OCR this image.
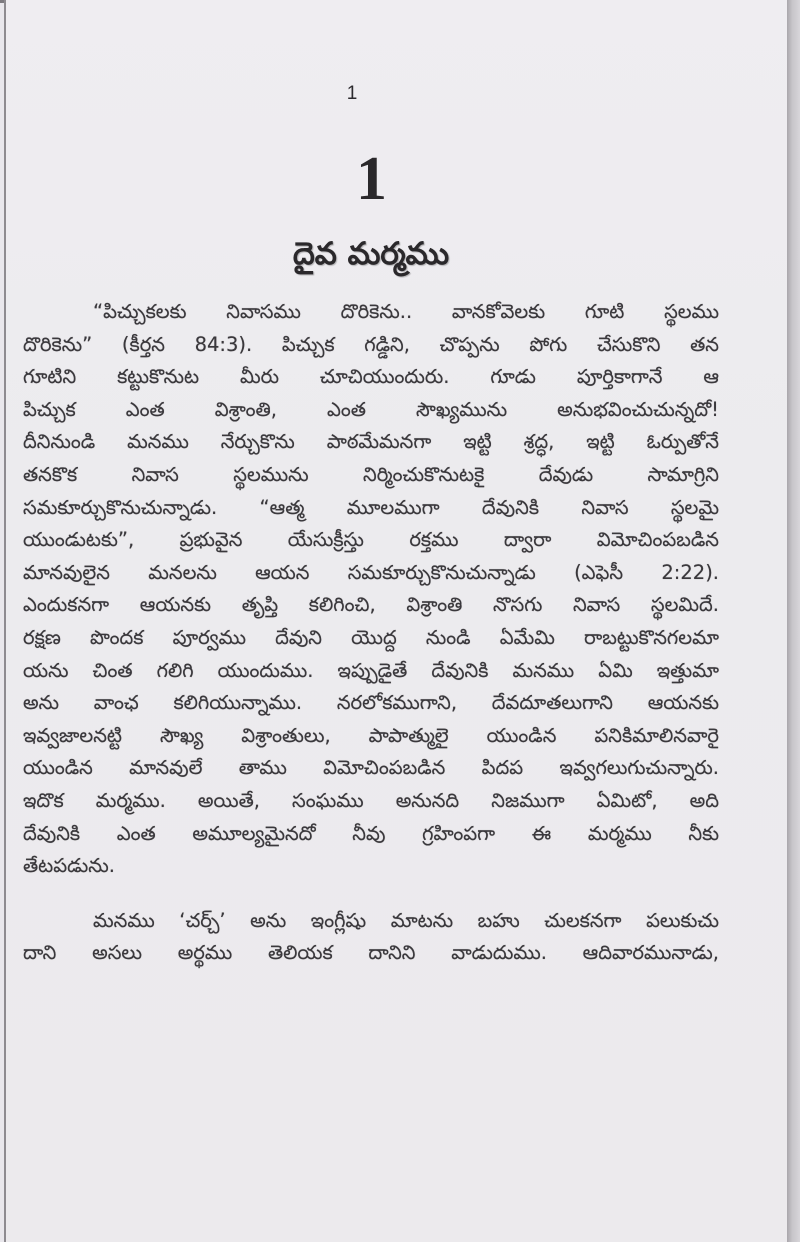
1
1
దైవ మర్మము
“పిచ్చుకలకు నివాసము దొరికెను.. వానకోవెలకు గూటి స్థలము
దొరికెను” (కీర్తన 84:3). పిచ్చుక గడ్డిని, చొప్పను పోగు చేసుకొని తన
గూటిని కట్టుకొనుట మీరు చూచియుందురు. గూడు పూర్తికాగానే ఆ
పిచ్చుక ఎంత విశ్రాంతి, ఎంత సౌఖ్యమును అనుభవించుచున్నదో!
దీనినుండి మనము నేర్చుకొను పాఠమేమనగా ఇట్టి శ్రద్ధ, ఇట్టి ఓర్పుతోనే
తనకొక నివాస స్థలమును నిర్మించుకొనుటకై దేవుడు సామాగ్రిని
సమకూర్చుకొనుచున్నాడు. “ఆత్మ మూలముగా దేవునికి నివాస స్థలమై
యుండుటకు”, ప్రభువైన యేసుక్రీస్తు రక్తము ద్వారా విమోచింపబడిన
మానవులైన మనలను ఆయన సమకూర్చుకొనుచున్నాడు (ఎఫెసీ 2:22).
ఎందుకనగా ఆయనకు తృప్తి కలిగించి, విశ్రాంతి నొసగు నివాస స్థలమిదే.
రక్షణ పొందక పూర్వము దేవుని యొద్ద నుండి ఏమేమి రాబట్టుకొనగలమా
యను చింత గలిగి యుందుము. ఇప్పుడైతే దేవునికి మనము ఏమి ఇత్తుమా
అను వాంఛ కలిగియున్నాము. నరలోకముగాని, దేవదూతలుగాని ఆయనకు
ఇవ్వజాలనట్టి సౌఖ్య విశ్రాంతులు, పాపాత్ములై యుండిన పనికిమాలినవారై
యుండిన మానవులే తాము విమోచింపబడిన పిదప ఇవ్వగలుగుచున్నారు.
ఇదొక మర్మము. అయితే, సంఘము అనునది నిజముగా ఏమిటో, అది
దేవునికి ఎంత అమూల్యమైనదో నీవు గ్రహింపగా ఈ మర్మము నీకు
తేటపడును.
మనము ‘చర్చ్’ అను ఇంగ్లీషు మాటను బహు చులకనగా పలుకుచు
దాని అసలు అర్థము తెలియక దానిని వాడుదుము. ఆదివారమునాడు,
